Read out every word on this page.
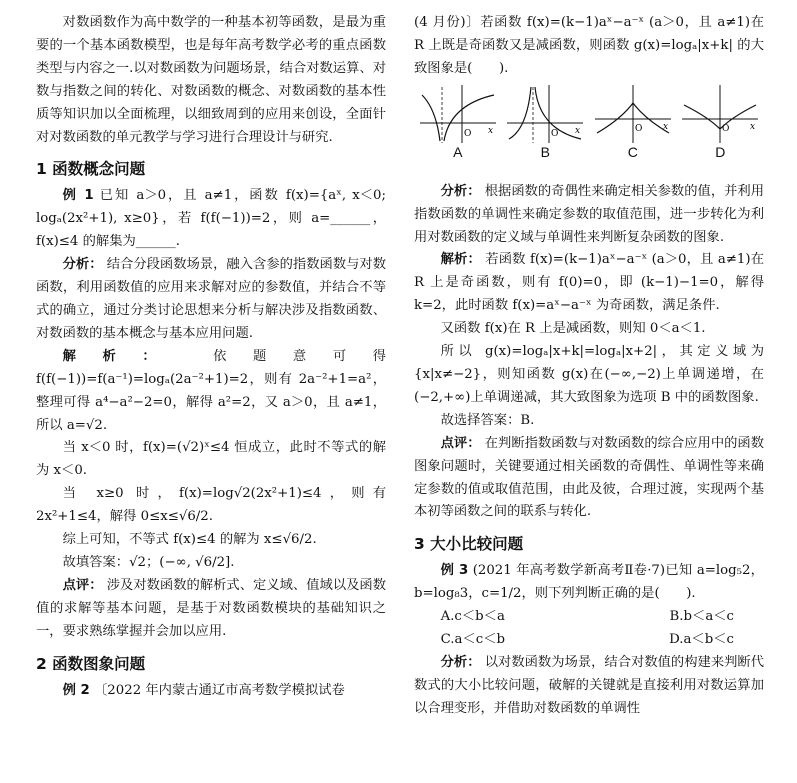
对数函数作为高中数学的一种基本初等函数，是最为重要的一个基本函数模型，也是每年高考数学必考的重点函数类型与内容之一.以对数函数为问题场景，结合对数运算、对数与指数之间的转化、对数函数的概念、对数函数的基本性质等知识加以全面梳理，以细致周到的应用来创设，全面针对对数函数的单元教学与学习进行合理设计与研究.

1 函数概念问题

例 1 已知 a＞0，且 a≠1，函数 f(x)={aˣ, x＜0; logₐ(2x²+1), x≥0}，若 f(f(−1))=2，则 a=______，f(x)≤4 的解集为______.

分析： 结合分段函数场景，融入含参的指数函数与对数函数，利用函数值的应用来求解对应的参数值，并结合不等式的确立，通过分类讨论思想来分析与解决涉及指数函数、对数函数的基本概念与基本应用问题.

解析： 依题意可得 f(f(−1))=f(a⁻¹)=logₐ(2a⁻²+1)=2，则有 2a⁻²+1=a²，整理可得 a⁴−a²−2=0，解得 a²=2，又 a＞0，且 a≠1，所以 a=√2.

当 x＜0 时，f(x)=(√2)ˣ≤4 恒成立，此时不等式的解为 x＜0.

当 x≥0 时，f(x)=log√2(2x²+1)≤4，则有 2x²+1≤4，解得 0≤x≤√6/2.

综上可知，不等式 f(x)≤4 的解为 x≤√6/2.

故填答案：√2；(−∞, √6/2].

点评： 涉及对数函数的解析式、定义域、值域以及函数值的求解等基本问题，是基于对数函数模块的基础知识之一，要求熟练掌握并会加以应用.

2 函数图象问题

例 2 〔2022 年内蒙古通辽市高考数学模拟试卷

(4 月份)〕若函数 f(x)=(k−1)aˣ−a⁻ˣ (a＞0，且 a≠1)在 R 上既是奇函数又是减函数，则函数 g(x)=logₐ|x+k| 的大致图象是(　　).

O x
A
O x
B
O x
C
O x
D

分析： 根据函数的奇偶性来确定相关参数的值，并利用指数函数的单调性来确定参数的取值范围，进一步转化为利用对数函数的定义域与单调性来判断复杂函数的图象.

解析： 若函数 f(x)=(k−1)aˣ−a⁻ˣ (a＞0，且 a≠1)在 R 上是奇函数，则有 f(0)=0，即 (k−1)−1=0，解得 k=2，此时函数 f(x)=aˣ−a⁻ˣ 为奇函数，满足条件.

又函数 f(x)在 R 上是减函数，则知 0＜a＜1.

所以 g(x)=logₐ|x+k|=logₐ|x+2|，其定义域为{x|x≠−2}，则知函数 g(x)在(−∞,−2)上单调递增，在(−2,+∞)上单调递减，其大致图象为选项 B 中的函数图象.

故选择答案：B.

点评： 在判断指数函数与对数函数的综合应用中的函数图象问题时，关键要通过相关函数的奇偶性、单调性等来确定参数的值或取值范围，由此及彼，合理过渡，实现两个基本初等函数之间的联系与转化.

3 大小比较问题

例 3 (2021 年高考数学新高考Ⅱ卷·7)已知 a=log₅2，b=log₈3，c=1/2，则下列判断正确的是(　　).

A.c＜b＜a	B.b＜a＜c
C.a＜c＜b	D.a＜b＜c

分析： 以对数函数为场景，结合对数值的构建来判断代数式的大小比较问题，破解的关键就是直接利用对数运算加以合理变形，并借助对数函数的单调性
